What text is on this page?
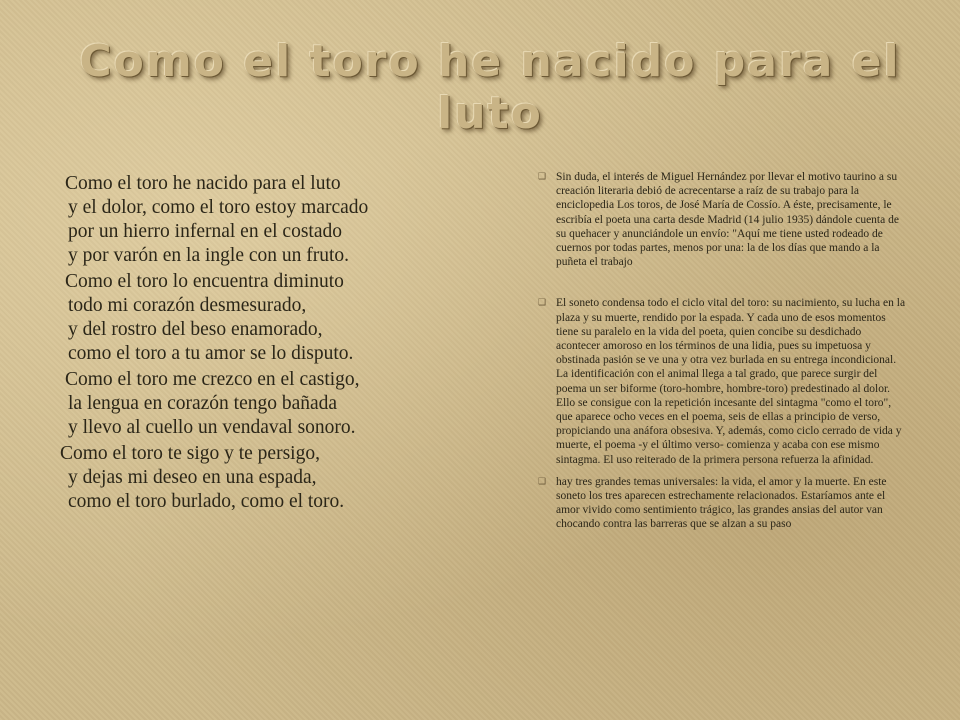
Como el toro he nacido para el luto

Como el toro he nacido para el luto
y el dolor, como el toro estoy marcado
por un hierro infernal en el costado
y por varón en la ingle con un fruto.

Como el toro lo encuentra diminuto
todo mi corazón desmesurado,
y del rostro del beso enamorado,
como el toro a tu amor se lo disputo.

Como el toro me crezco en el castigo,
la lengua en corazón tengo bañada
y llevo al cuello un vendaval sonoro.

Como el toro te sigo y te persigo,
y dejas mi deseo en una espada,
como el toro burlado, como el toro.

❑ Sin duda, el interés de Miguel Hernández por llevar el motivo taurino a su creación literaria debió de acrecentarse a raíz de su trabajo para la enciclopedia Los toros, de José María de Cossío. A éste, precisamente, le escribía el poeta una carta desde Madrid (14 julio 1935) dándole cuenta de su quehacer y anunciándole un envío: "Aquí me tiene usted rodeado de cuernos por todas partes, menos por una: la de los días que mando a la puñeta el trabajo

❑ El soneto condensa todo el ciclo vital del toro: su nacimiento, su lucha en la plaza y su muerte, rendido por la espada. Y cada uno de esos momentos tiene su paralelo en la vida del poeta, quien concibe su desdichado acontecer amoroso en los términos de una lidia, pues su impetuosa y obstinada pasión se ve una y otra vez burlada en su entrega incondicional. La identificación con el animal llega a tal grado, que parece surgir del poema un ser biforme (toro-hombre, hombre-toro) predestinado al dolor. Ello se consigue con la repetición incesante del sintagma "como el toro", que aparece ocho veces en el poema, seis de ellas a principio de verso, propiciando una anáfora obsesiva. Y, además, como ciclo cerrado de vida y muerte, el poema -y el último verso- comienza y acaba con ese mismo sintagma. El uso reiterado de la primera persona refuerza la afinidad.

❑ hay tres grandes temas universales: la vida, el amor y la muerte. En este soneto los tres aparecen estrechamente relacionados. Estaríamos ante el amor vivido como sentimiento trágico, las grandes ansias del autor van chocando contra las barreras que se alzan a su paso
